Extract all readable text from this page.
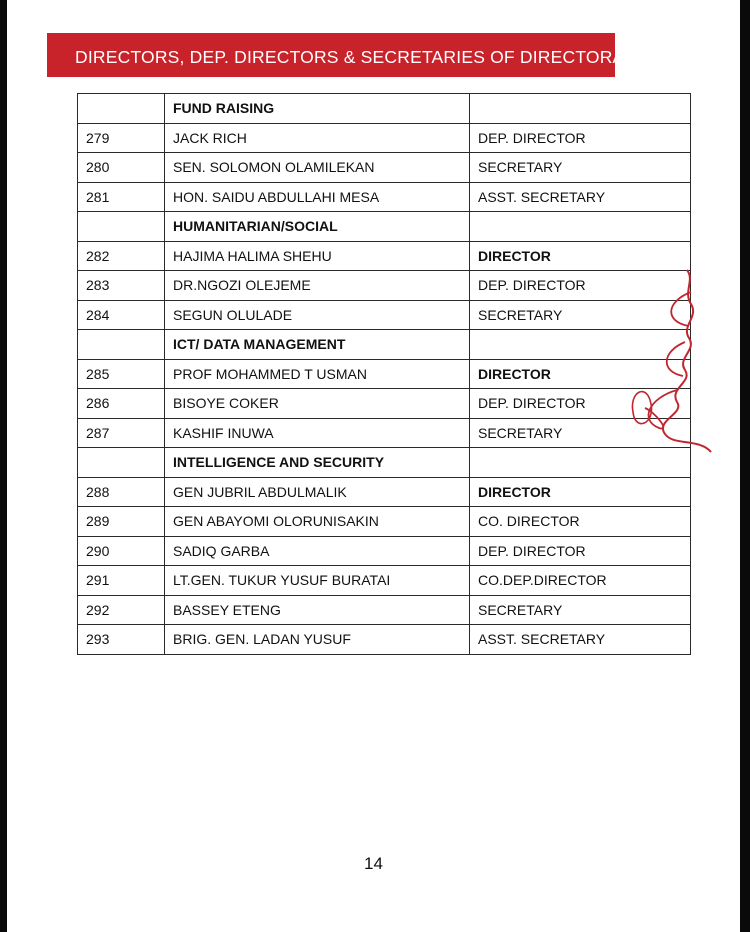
DIRECTORS, DEP. DIRECTORS & SECRETARIES OF DIRECTORATES
	FUND RAISING	
279	JACK RICH	DEP. DIRECTOR
280	SEN. SOLOMON OLAMILEKAN	SECRETARY
281	HON. SAIDU ABDULLAHI MESA	ASST. SECRETARY
	HUMANITARIAN/SOCIAL	
282	HAJIMA HALIMA SHEHU	DIRECTOR
283	DR.NGOZI OLEJEME	DEP. DIRECTOR
284	SEGUN OLULADE	SECRETARY
	ICT/ DATA MANAGEMENT	
285	PROF MOHAMMED T USMAN	DIRECTOR
286	BISOYE COKER	DEP. DIRECTOR
287	KASHIF INUWA	SECRETARY
	INTELLIGENCE AND SECURITY	
288	GEN JUBRIL ABDULMALIK	DIRECTOR
289	GEN ABAYOMI OLORUNISAKIN	CO. DIRECTOR
290	SADIQ GARBA	DEP. DIRECTOR
291	LT.GEN. TUKUR YUSUF BURATAI	CO.DEP.DIRECTOR
292	BASSEY ETENG	SECRETARY
293	BRIG. GEN. LADAN YUSUF	ASST. SECRETARY
14
